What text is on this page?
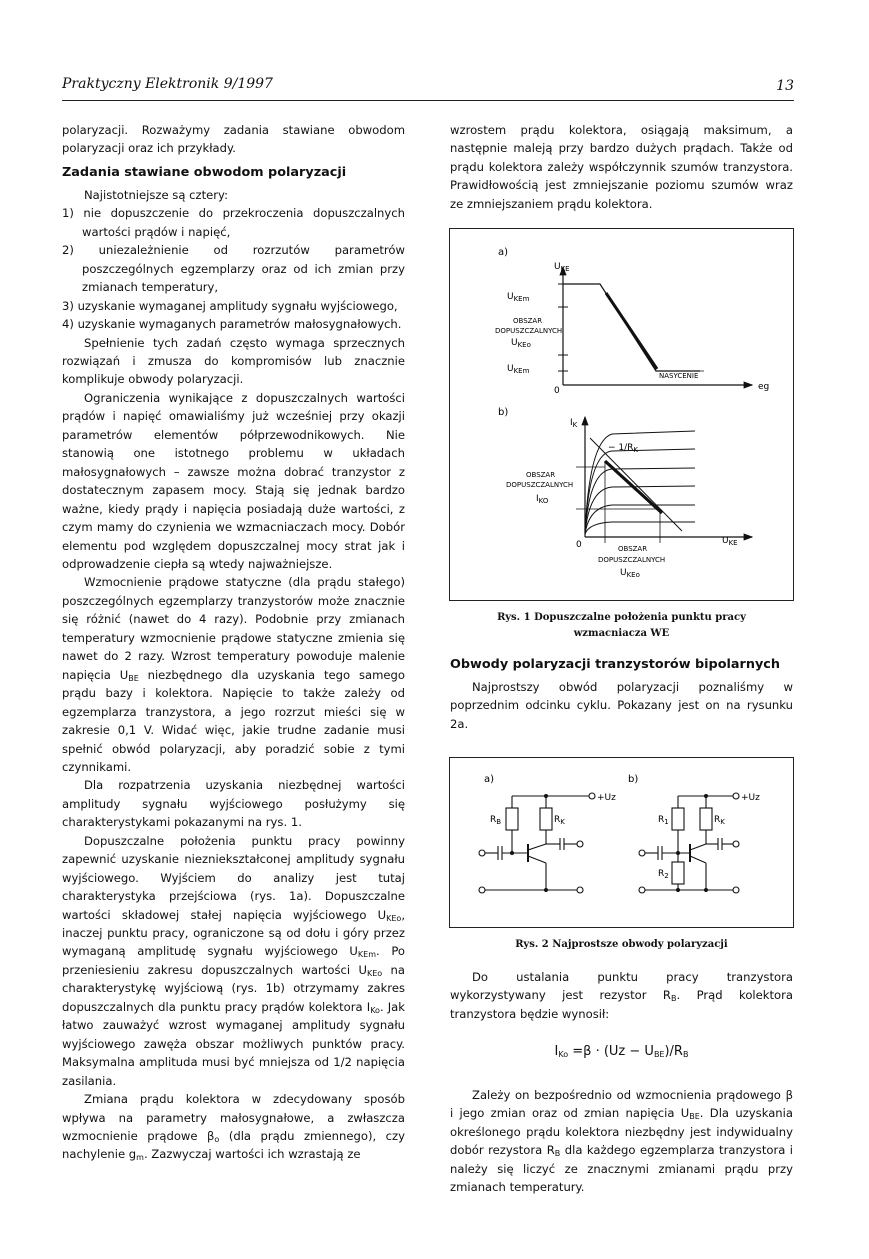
Praktyczny Elektronik 9/1997	13

polaryzacji. Rozważymy zadania stawiane obwodom polaryzacji oraz ich przykłady.

Zadania stawiane obwodom polaryzacji

Najistotniejsze są cztery:

1) nie dopuszczenie do przekroczenia dopuszczalnych wartości prądów i napięć,

2) uniezależnienie od rozrzutów parametrów poszczególnych egzemplarzy oraz od ich zmian przy zmianach temperatury,

3) uzyskanie wymaganej amplitudy sygnału wyjściowego,

4) uzyskanie wymaganych parametrów małosygnałowych.

Spełnienie tych zadań często wymaga sprzecznych rozwiązań i zmusza do kompromisów lub znacznie komplikuje obwody polaryzacji.

Ograniczenia wynikające z dopuszczalnych wartości prądów i napięć omawialiśmy już wcześniej przy okazji parametrów elementów półprzewodnikowych. Nie stanowią one istotnego problemu w układach małosygnałowych – zawsze można dobrać tranzystor z dostatecznym zapasem mocy. Stają się jednak bardzo ważne, kiedy prądy i napięcia posiadają duże wartości, z czym mamy do czynienia we wzmacniaczach mocy. Dobór elementu pod względem dopuszczalnej mocy strat jak i odprowadzenie ciepła są wtedy najważniejsze.

Wzmocnienie prądowe statyczne (dla prądu stałego) poszczególnych egzemplarzy tranzystorów może znacznie się różnić (nawet do 4 razy). Podobnie przy zmianach temperatury wzmocnienie prądowe statyczne zmienia się nawet do 2 razy. Wzrost temperatury powoduje malenie napięcia $U_{BE}$ niezbędnego dla uzyskania tego samego prądu bazy i kolektora. Napięcie to także zależy od egzemplarza tranzystora, a jego rozrzut mieści się w zakresie 0,1 V. Widać więc, jakie trudne zadanie musi spełnić obwód polaryzacji, aby poradzić sobie z tymi czynnikami.

Dla rozpatrzenia uzyskania niezbędnej wartości amplitudy sygnału wyjściowego posłużymy się charakterystykami pokazanymi na rys. 1.

Dopuszczalne położenia punktu pracy powinny zapewnić uzyskanie niezniekształconej amplitudy sygnału wyjściowego. Wyjściem do analizy jest tutaj charakterystyka przejściowa (rys. 1a). Dopuszczalne wartości składowej stałej napięcia wyjściowego $U_{KEo}$, inaczej punktu pracy, ograniczone są od dołu i góry przez wymaganą amplitudę sygnału wyjściowego $U_{KEm}$. Po przeniesieniu zakresu dopuszczalnych wartości $U_{KEo}$ na charakterystykę wyjściową (rys. 1b) otrzymamy zakres dopuszczalnych dla punktu pracy prądów kolektora $I_{Ko}$. Jak łatwo zauważyć wzrost wymaganej amplitudy sygnału wyjściowego zawęża obszar możliwych punktów pracy. Maksymalna amplituda musi być mniejsza od 1/2 napięcia zasilania.

Zmiana prądu kolektora w zdecydowany sposób wpływa na parametry małosygnałowe, a zwłaszcza wzmocnienie prądowe $\beta_o$ (dla prądu zmiennego), czy nachylenie $g_m$. Zazwyczaj wartości ich wzrastają ze

wzrostem prądu kolektora, osiągają maksimum, a następnie maleją przy bardzo dużych prądach. Także od prądu kolektora zależy współczynnik szumów tranzystora. Prawidłowością jest zmniejszanie poziomu szumów wraz ze zmniejszaniem prądu kolektora.

a)
$U_{KE}$
eg
0
$U_{KEm}$
OBSZAR
DOPUSZCZALNYCH
$U_{KEo}$
$U_{KEm}$
NASYCENIE
b)
$I_K$
$U_{KE}$
0
− $1/R_K$
OBSZAR
DOPUSZCZALNYCH
$I_{KO}$
OBSZAR
DOPUSZCZALNYCH
$U_{KEo}$
Rys. 1 Dopuszczalne położenia punktu pracy
wzmacniacza WE
Obwody polaryzacji tranzystorów bipolarnych

Najprostszy obwód polaryzacji poznaliśmy w poprzednim odcinku cyklu. Pokazany jest on na rysunku 2a.

a)	b)
+Uz	+Uz
$R_B$	$R_K$	$R_1$	$R_K$
$R_2$
Rys. 2 Najprostsze obwody polaryzacji

Do ustalania punktu pracy tranzystora wykorzystywany jest rezystor $R_B$. Prąd kolektora tranzystora będzie wynosił:

$I_{Ko} =\beta \cdot (Uz - U_{BE})/R_B$

Zależy on bezpośrednio od wzmocnienia prądowego β i jego zmian oraz od zmian napięcia $U_{BE}$. Dla uzyskania określonego prądu kolektora niezbędny jest indywidualny dobór rezystora $R_B$ dla każdego egzemplarza tranzystora i należy się liczyć ze znacznymi zmianami prądu przy zmianach temperatury.
